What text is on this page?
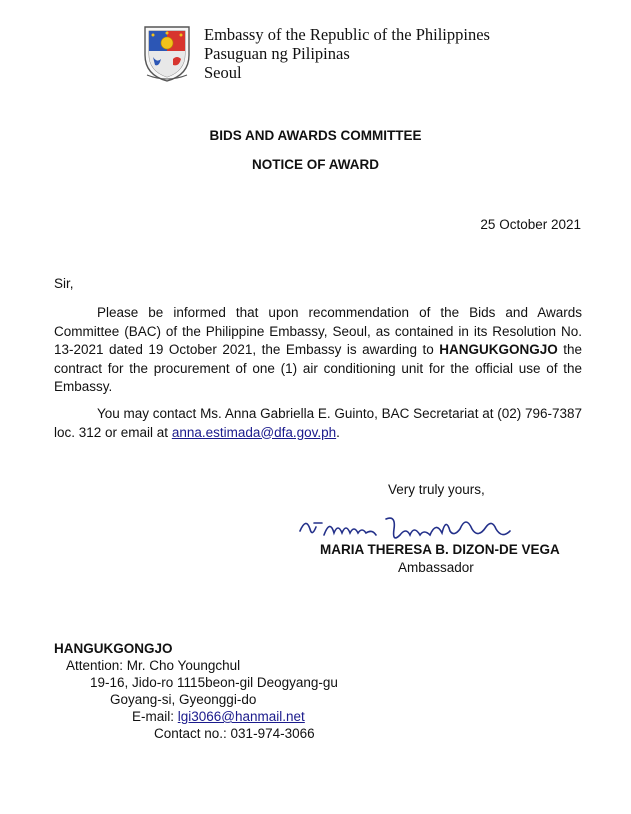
Embassy of the Republic of the Philippines
Pasuguan ng Pilipinas
Seoul
BIDS AND AWARDS COMMITTEE
NOTICE OF AWARD
25 October 2021
Sir,
Please be informed that upon recommendation of the Bids and Awards Committee (BAC) of the Philippine Embassy, Seoul, as contained in its Resolution No. 13-2021 dated 19 October 2021, the Embassy is awarding to HANGUKGONGJO the contract for the procurement of one (1) air conditioning unit for the official use of the Embassy.
You may contact Ms. Anna Gabriella E. Guinto, BAC Secretariat at (02) 796-7387 loc. 312 or email at anna.estimada@dfa.gov.ph.
Very truly yours,
MARIA THERESA B. DIZON-DE VEGA
Ambassador
HANGUKGONGJO
Attention: Mr. Cho Youngchul
19-16, Jido-ro 1115beon-gil Deogyang-gu
Goyang-si, Gyeonggi-do
E-mail: lgi3066@hanmail.net
Contact no.: 031-974-3066
